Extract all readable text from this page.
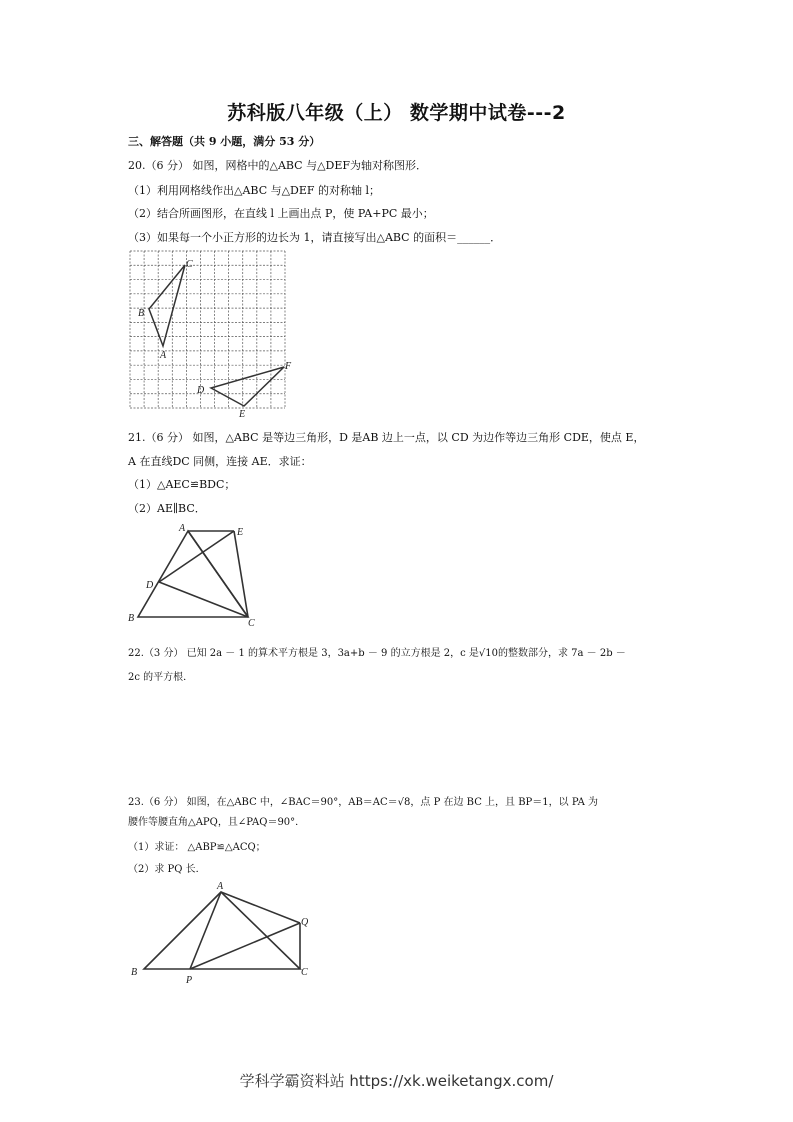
苏科版八年级（上） 数学期中试卷---2
三、解答题（共 9 小题，满分 53 分）
20.（6 分） 如图，网格中的△ABC 与△DEF为轴对称图形．
（1）利用网格线作出△ABC 与△DEF 的对称轴 l；
（2）结合所画图形，在直线 l 上画出点 P，使 PA+PC 最小；
（3）如果每一个小正方形的边长为 1，请直接写出△ABC 的面积＝______．
C
B
A
D
E
F
21.（6 分） 如图，△ABC 是等边三角形，D 是AB 边上一点，以 CD 为边作等边三角形 CDE，使点 E，
A 在直线DC 同侧，连接 AE．求证：
（1）△AEC≌BDC；
（2）AE∥BC．
A	E
D
B	C
22.（3 分） 已知 2a － 1 的算术平方根是 3，3a+b － 9 的立方根是 2，c 是√10的整数部分，求 7a － 2b －
2c 的平方根．
23.（6 分） 如图，在△ABC 中，∠BAC＝90°，AB＝AC＝√8，点 P 在边 BC 上，且 BP＝1，以 PA 为
腰作等腰直角△APQ，且∠PAQ＝90°．
（1）求证： △ABP≌△ACQ；
（2）求 PQ 长．
A
Q
B
P
C
学科学霸资料站 https://xk.weiketangx.com/
